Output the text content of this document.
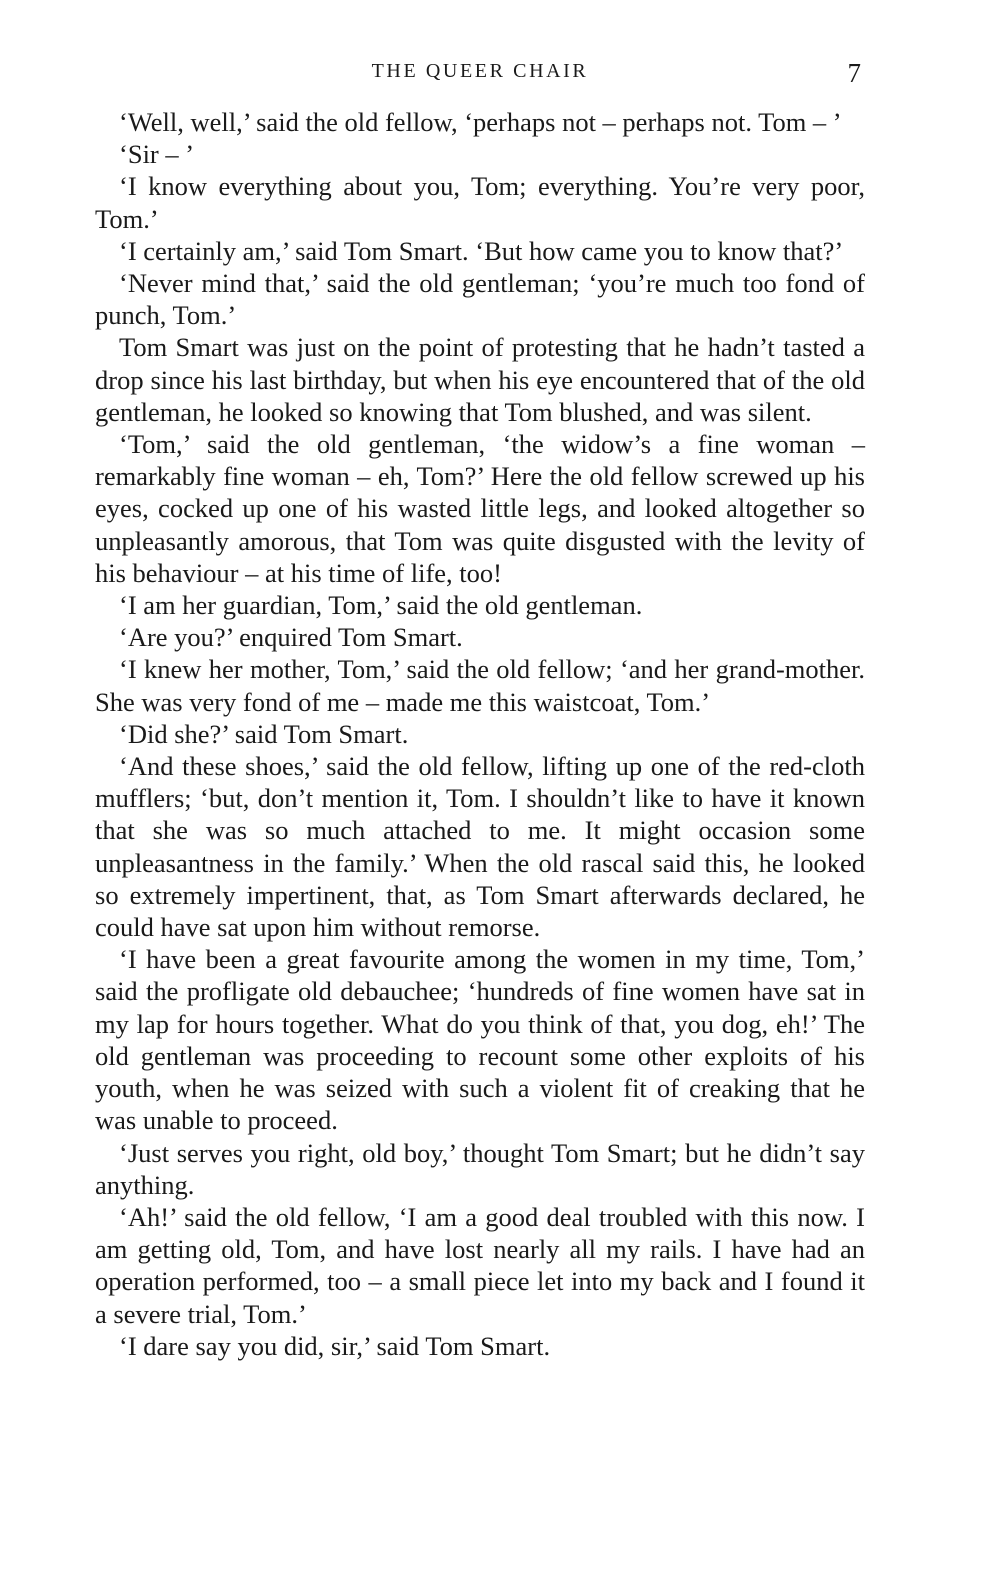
THE QUEER CHAIR	7

‘Well, well,’ said the old fellow, ‘perhaps not – perhaps not. Tom – ’

‘Sir – ’

‘I know everything about you, Tom; everything. You’re very poor, Tom.’

‘I certainly am,’ said Tom Smart. ‘But how came you to know that?’

‘Never mind that,’ said the old gentleman; ‘you’re much too fond of punch, Tom.’

Tom Smart was just on the point of protesting that he hadn’t tasted a drop since his last birthday, but when his eye encountered that of the old gentleman, he looked so knowing that Tom blushed, and was silent.

‘Tom,’ said the old gentleman, ‘the widow’s a fine woman – remarkably fine woman – eh, Tom?’ Here the old fellow screwed up his eyes, cocked up one of his wasted little legs, and looked altogether so unpleasantly amorous, that Tom was quite disgusted with the levity of his behaviour – at his time of life, too!

‘I am her guardian, Tom,’ said the old gentleman.

‘Are you?’ enquired Tom Smart.

‘I knew her mother, Tom,’ said the old fellow; ‘and her grand-mother. She was very fond of me – made me this waistcoat, Tom.’

‘Did she?’ said Tom Smart.

‘And these shoes,’ said the old fellow, lifting up one of the red-cloth mufflers; ‘but, don’t mention it, Tom. I shouldn’t like to have it known that she was so much attached to me. It might occasion some unpleasantness in the family.’ When the old rascal said this, he looked so extremely impertinent, that, as Tom Smart afterwards declared, he could have sat upon him without remorse.

‘I have been a great favourite among the women in my time, Tom,’ said the profligate old debauchee; ‘hundreds of fine women have sat in my lap for hours together. What do you think of that, you dog, eh!’ The old gentleman was proceeding to recount some other exploits of his youth, when he was seized with such a violent fit of creaking that he was unable to proceed.

‘Just serves you right, old boy,’ thought Tom Smart; but he didn’t say anything.

‘Ah!’ said the old fellow, ‘I am a good deal troubled with this now. I am getting old, Tom, and have lost nearly all my rails. I have had an operation performed, too – a small piece let into my back and I found it a severe trial, Tom.’

‘I dare say you did, sir,’ said Tom Smart.
